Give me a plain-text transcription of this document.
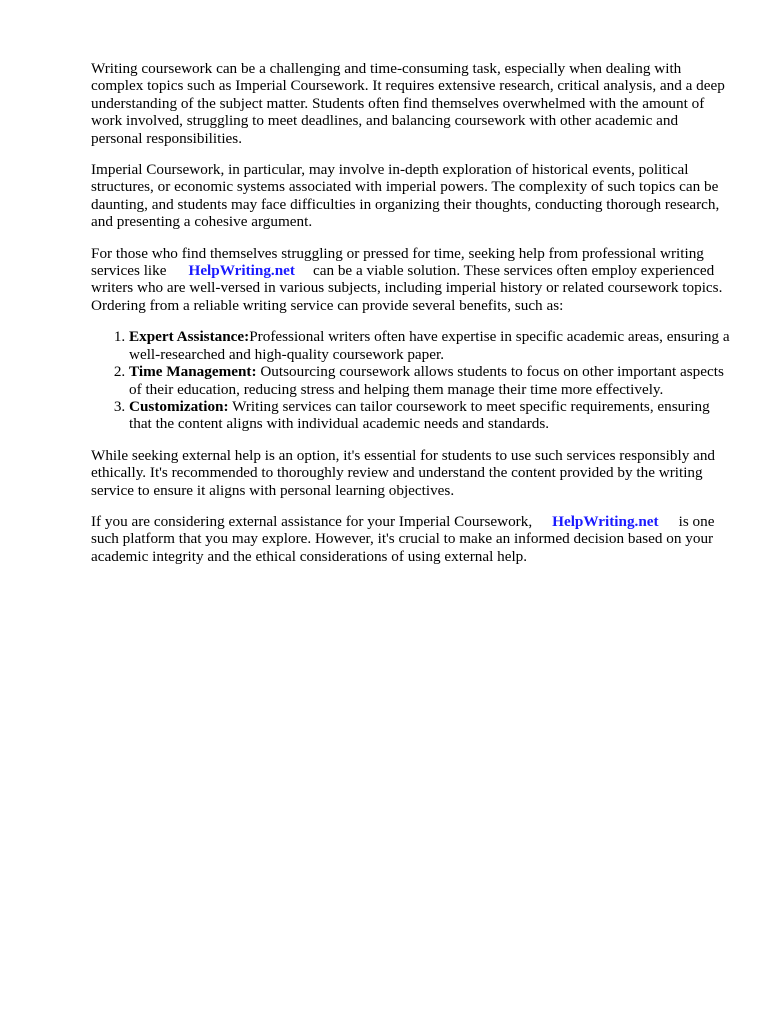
Writing coursework can be a challenging and time-consuming task, especially when dealing with complex topics such as Imperial Coursework. It requires extensive research, critical analysis, and a deep understanding of the subject matter. Students often find themselves overwhelmed with the amount of work involved, struggling to meet deadlines, and balancing coursework with other academic and personal responsibilities.

Imperial Coursework, in particular, may involve in-depth exploration of historical events, political structures, or economic systems associated with imperial powers. The complexity of such topics can be daunting, and students may face difficulties in organizing their thoughts, conducting thorough research, and presenting a cohesive argument.

For those who find themselves struggling or pressed for time, seeking help from professional writing services like HelpWriting.net can be a viable solution. These services often employ experienced writers who are well-versed in various subjects, including imperial history or related coursework topics. Ordering from a reliable writing service can provide several benefits, such as:

1. Expert Assistance:Professional writers often have expertise in specific academic areas, ensuring a well-researched and high-quality coursework paper.
2. Time Management: Outsourcing coursework allows students to focus on other important aspects of their education, reducing stress and helping them manage their time more effectively.
3. Customization: Writing services can tailor coursework to meet specific requirements, ensuring that the content aligns with individual academic needs and standards.

While seeking external help is an option, it's essential for students to use such services responsibly and ethically. It's recommended to thoroughly review and understand the content provided by the writing service to ensure it aligns with personal learning objectives.

If you are considering external assistance for your Imperial Coursework, HelpWriting.net is one such platform that you may explore. However, it's crucial to make an informed decision based on your academic integrity and the ethical considerations of using external help.
